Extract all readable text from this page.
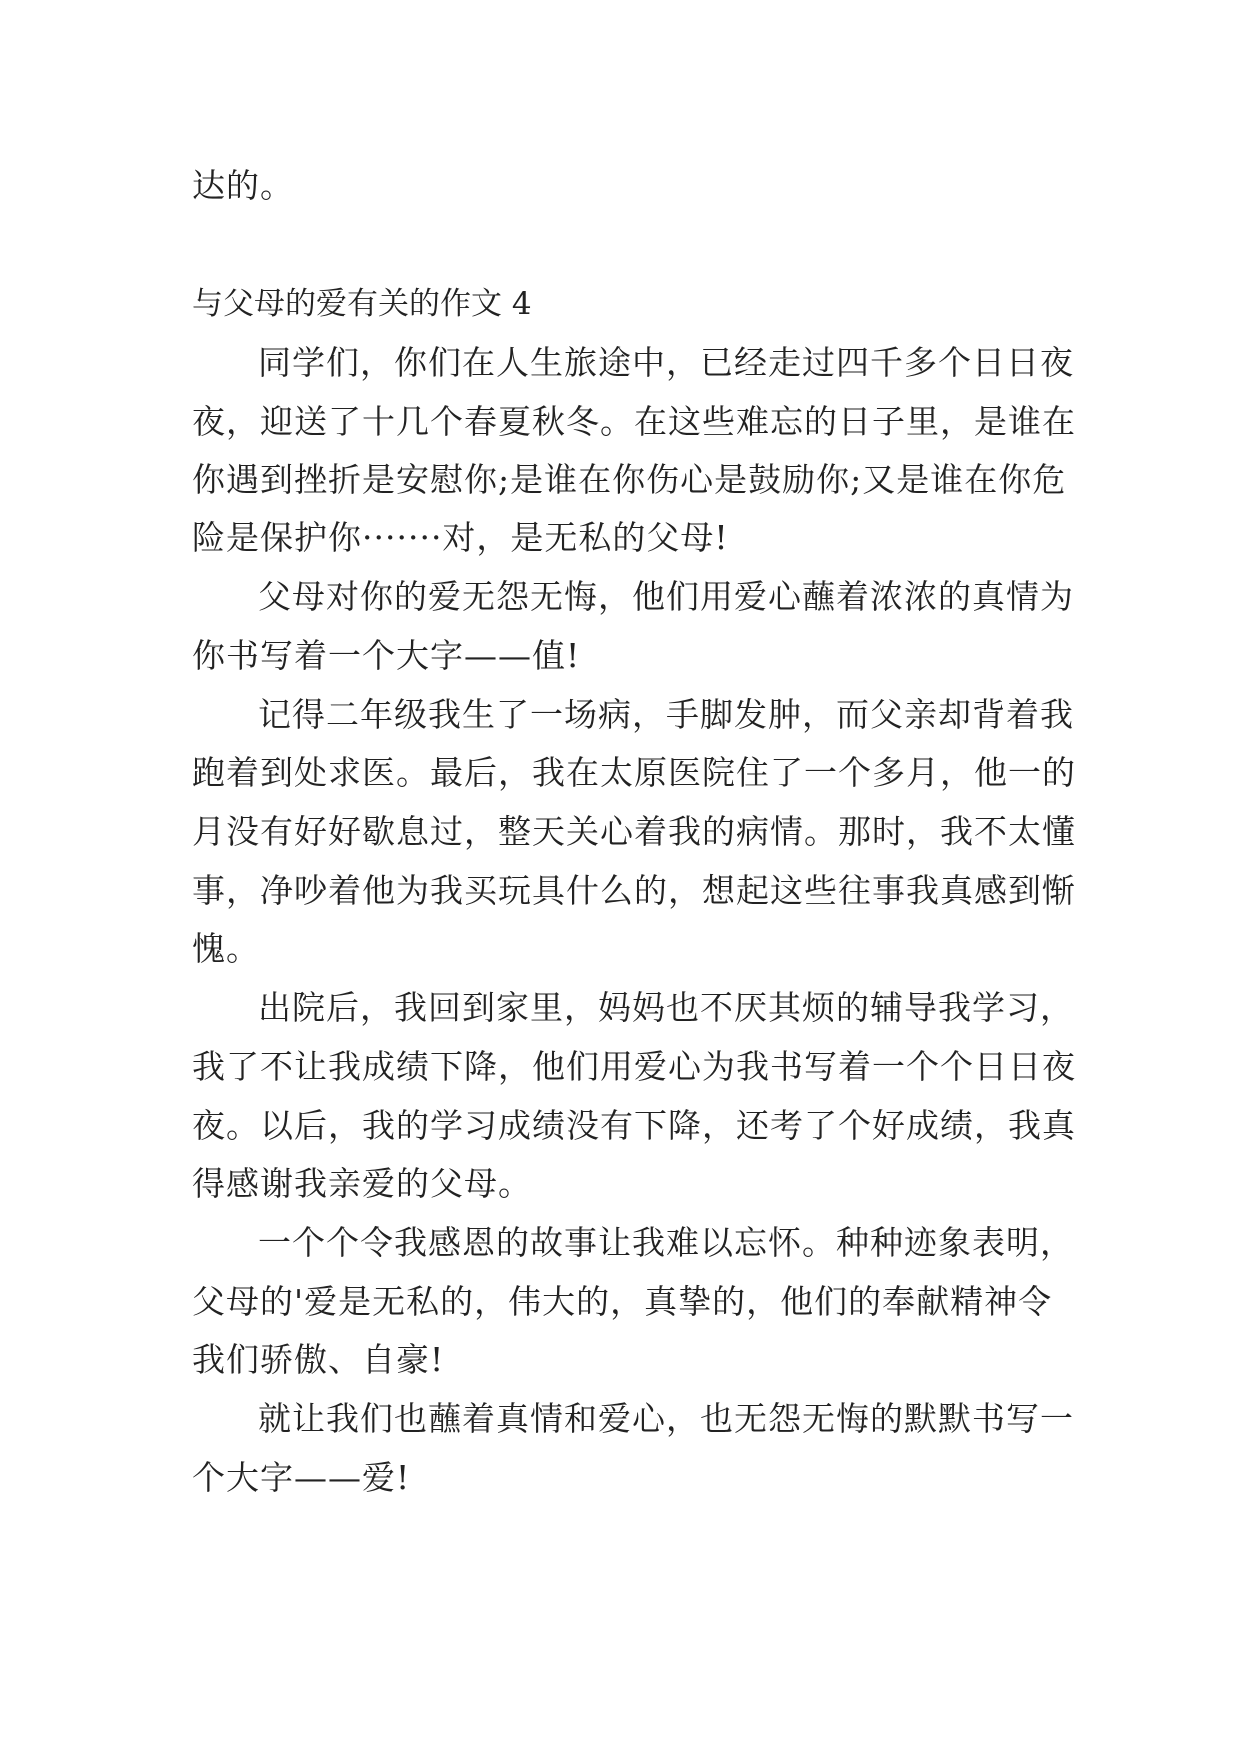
达的。
与父母的爱有关的作文 4
同学们，你们在人生旅途中，已经走过四千多个日日夜
夜，迎送了十几个春夏秋冬。在这些难忘的日子里，是谁在
你遇到挫折是安慰你;是谁在你伤心是鼓励你;又是谁在你危
险是保护你·······对，是无私的父母!
父母对你的爱无怨无悔，他们用爱心蘸着浓浓的真情为
你书写着一个大字——值!
记得二年级我生了一场病，手脚发肿，而父亲却背着我
跑着到处求医。最后，我在太原医院住了一个多月，他一的
月没有好好歇息过，整天关心着我的病情。那时，我不太懂
事，净吵着他为我买玩具什么的，想起这些往事我真感到惭
愧。
出院后，我回到家里，妈妈也不厌其烦的辅导我学习，
我了不让我成绩下降，他们用爱心为我书写着一个个日日夜
夜。以后，我的学习成绩没有下降，还考了个好成绩，我真
得感谢我亲爱的父母。
一个个令我感恩的故事让我难以忘怀。种种迹象表明，
父母的'爱是无私的，伟大的，真挚的，他们的奉献精神令
我们骄傲、自豪!
就让我们也蘸着真情和爱心，也无怨无悔的默默书写一
个大字——爱!
